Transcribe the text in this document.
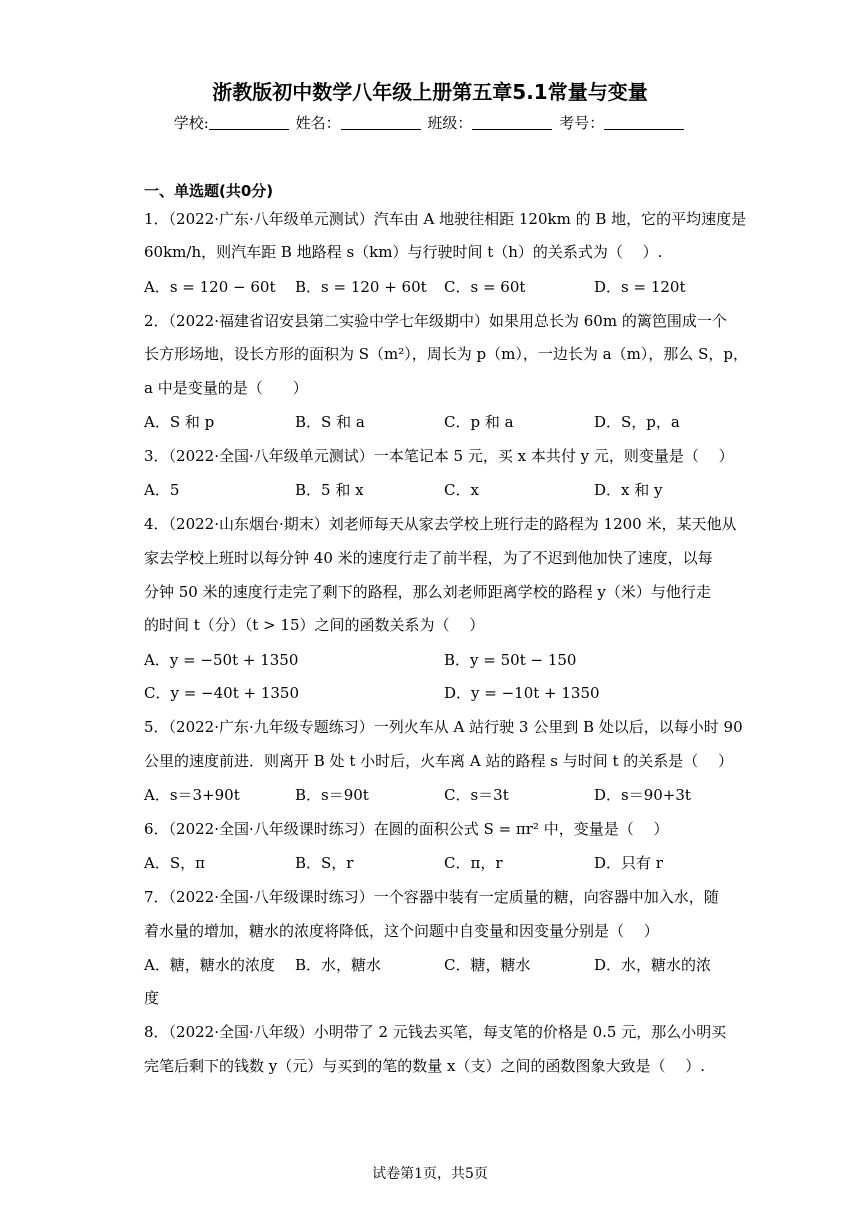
浙教版初中数学八年级上册第五章5.1常量与变量
学校:	姓名：	班级：	考号：
一、单选题(共0分)
1．（2022·广东·八年级单元测试）汽车由 A 地驶往相距 120km 的 B 地，它的平均速度是
60km/h，则汽车距 B 地路程 s（km）与行驶时间 t（h）的关系式为（　 ）.
A．s = 120 − 60t B．s = 120 + 60t C．s = 60t	D．s = 120t
2．（2022·福建省诏安县第二实验中学七年级期中）如果用总长为 60m 的篱笆围成一个
长方形场地，设长方形的面积为 S（m²），周长为 p（m），一边长为 a（m），那么 S，p，
a 中是变量的是（　　）
A．S 和 p	B．S 和 a	C．p 和 a	D．S，p，a
3．（2022·全国·八年级单元测试）一本笔记本 5 元，买 x 本共付 y 元，则变量是（　 ）
A．5	B．5 和 x	C．x	D．x 和 y
4．（2022·山东烟台·期末）刘老师每天从家去学校上班行走的路程为 1200 米，某天他从
家去学校上班时以每分钟 40 米的速度行走了前半程，为了不迟到他加快了速度，以每
分钟 50 米的速度行走完了剩下的路程，那么刘老师距离学校的路程 y（米）与他行走
的时间 t（分）（t > 15）之间的函数关系为（　 ）
A．y = −50t + 1350	B．y = 50t − 150
C．y = −40t + 1350	D．y = −10t + 1350
5．（2022·广东·九年级专题练习）一列火车从 A 站行驶 3 公里到 B 处以后，以每小时 90
公里的速度前进．则离开 B 处 t 小时后，火车离 A 站的路程 s 与时间 t 的关系是（　 ）
A．s＝3+90t	B．s＝90t	C．s＝3t	D．s＝90+3t
6．（2022·全国·八年级课时练习）在圆的面积公式 S = πr² 中，变量是（　 ）
A．S，π	B．S，r	C．π，r	D．只有 r
7．（2022·全国·八年级课时练习）一个容器中装有一定质量的糖，向容器中加入水，随
着水量的增加，糖水的浓度将降低，这个问题中自变量和因变量分别是（　 ）
A．糖，糖水的浓度 B．水，糖水	C．糖，糖水	D．水，糖水的浓
度
8．（2022·全国·八年级）小明带了 2 元钱去买笔，每支笔的价格是 0.5 元，那么小明买
完笔后剩下的钱数 y（元）与买到的笔的数量 x（支）之间的函数图象大致是（　 ）.
试卷第1页，共5页
